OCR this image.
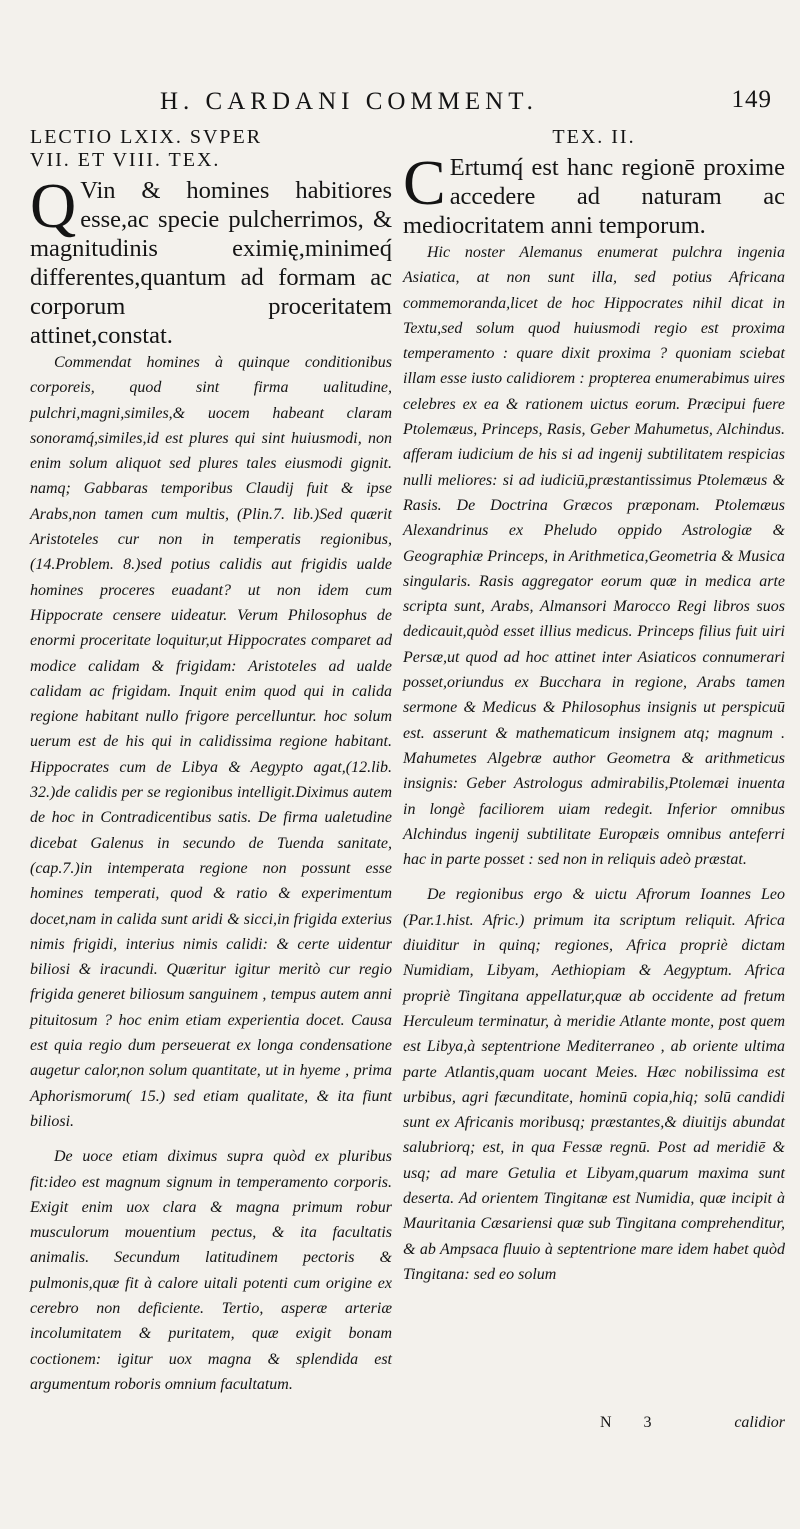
H. CARDANI COMMENT.	149
LECTIO LXIX. SVPER
VII. ET VIII. TEX.

Q Vin & homines habitiores esse,ac specie pulcherrimos, & magnitudinis eximię,minimeq́ differentes,quantum ad formam ac corporum proceritatem attinet,constat.

Commendat homines à quinque conditionibus corporeis, quod sint firma ualitudine, pulchri,magni,similes,& uocem habeant claram sonoramq́,similes,id est plures qui sint huiusmodi, non enim solum aliquot sed plures tales eiusmodi gignit. namq; Gabbaras temporibus Claudij fuit & ipse Arabs,non tamen cum multis, (Plin.7. lib.)Sed quærit Aristoteles cur non in temperatis regionibus, (14.Problem. 8.)sed potius calidis aut frigidis ualde homines proceres euadant? ut non idem cum Hippocrate censere uideatur. Verum Philosophus de enormi proceritate loquitur,ut Hippocrates comparet ad modice calidam & frigidam: Aristoteles ad ualde calidam ac frigidam. Inquit enim quod qui in calida regione habitant nullo frigore percelluntur. hoc solum uerum est de his qui in calidissima regione habitant. Hippocrates cum de Libya & Aegypto agat,(12.lib. 32.)de calidis per se regionibus intelligit.Diximus autem de hoc in Contradicentibus satis. De firma ualetudine dicebat Galenus in secundo de Tuenda sanitate, (cap.7.)in intemperata regione non possunt esse homines temperati, quod & ratio & experimentum docet,nam in calida sunt aridi & sicci,in frigida exterius nimis frigidi, interius nimis calidi: & certe uidentur biliosi & iracundi. Quæritur igitur meritò cur regio frigida generet biliosum sanguinem , tempus autem anni pituitosum ? hoc enim etiam experientia docet. Causa est quia regio dum perseuerat ex longa condensatione augetur calor,non solum quantitate, ut in hyeme , prima Aphorismorum( 15.) sed etiam qualitate, & ita fiunt biliosi.

De uoce etiam diximus supra quòd ex pluribus fit:ideo est magnum signum in temperamento corporis. Exigit enim uox clara & magna primum robur musculorum mouentium pectus, & ita facultatis animalis. Secundum latitudinem pectoris & pulmonis,quæ fit à calore uitali potenti cum origine ex cerebro non deficiente. Tertio, asperæ arteriæ incolumitatem & puritatem, quæ exigit bonam coctionem: igitur uox magna & splendida est argumentum roboris omnium facultatum.

TEX. II.

C Ertumq́ est hanc regionē proxime accedere ad naturam ac mediocritatem anni temporum.

Hic noster Alemanus enumerat pulchra ingenia Asiatica, at non sunt illa, sed potius Africana commemoranda,licet de hoc Hippocrates nihil dicat in Textu,sed solum quod huiusmodi regio est proxima temperamento : quare dixit proxima ? quoniam sciebat illam esse iusto calidiorem : propterea enumerabimus uires celebres ex ea & rationem uictus eorum. Præcipui fuere Ptolemæus, Princeps, Rasis, Geber Mahumetus, Alchindus. afferam iudicium de his si ad ingenij subtilitatem respicias nulli meliores: si ad iudiciū,præstantissimus Ptolemæus & Rasis. De Doctrina Græcos præponam. Ptolemæus Alexandrinus ex Pheludo oppido Astrologiæ & Geographiæ Princeps, in Arithmetica,Geometria & Musica singularis. Rasis aggregator eorum quæ in medica arte scripta sunt, Arabs, Almansori Marocco Regi libros suos dedicauit,quòd esset illius medicus. Princeps filius fuit uiri Persæ,ut quod ad hoc attinet inter Asiaticos connumerari posset,oriundus ex Bucchara in regione, Arabs tamen sermone & Medicus & Philosophus insignis ut perspicuū est. asserunt & mathematicum insignem atq; magnum . Mahumetes Algebræ author Geometra & arithmeticus insignis: Geber Astrologus admirabilis,Ptolemæi inuenta in longè faciliorem uiam redegit. Inferior omnibus Alchindus ingenij subtilitate Europæis omnibus anteferri hac in parte posset : sed non in reliquis adeò præstat.

De regionibus ergo & uictu Afrorum Ioannes Leo (Par.1.hist. Afric.) primum ita scriptum reliquit. Africa diuiditur in quinq; regiones, Africa propriè dictam Numidiam, Libyam, Aethiopiam & Aegyptum. Africa propriè Tingitana appellatur,quæ ab occidente ad fretum Herculeum terminatur, à meridie Atlante monte, post quem est Libya,à septentrione Mediterraneo , ab oriente ultima parte Atlantis,quam uocant Meies. Hæc nobilissima est urbibus, agri fæcunditate, hominū copia,hiq; solū candidi sunt ex Africanis moribusq; præstantes,& diuitijs abundat salubriorq; est, in qua Fessæ regnū. Post ad meridiē & usq; ad mare Getulia et Libyam,quarum maxima sunt deserta. Ad orientem Tingitanæ est Numidia, quæ incipit à Mauritania Cæsariensi quæ sub Tingitana comprehenditur, & ab Ampsaca fluuio à septentrione mare idem habet quòd Tingitana: sed eo solum

N 3	calidior
